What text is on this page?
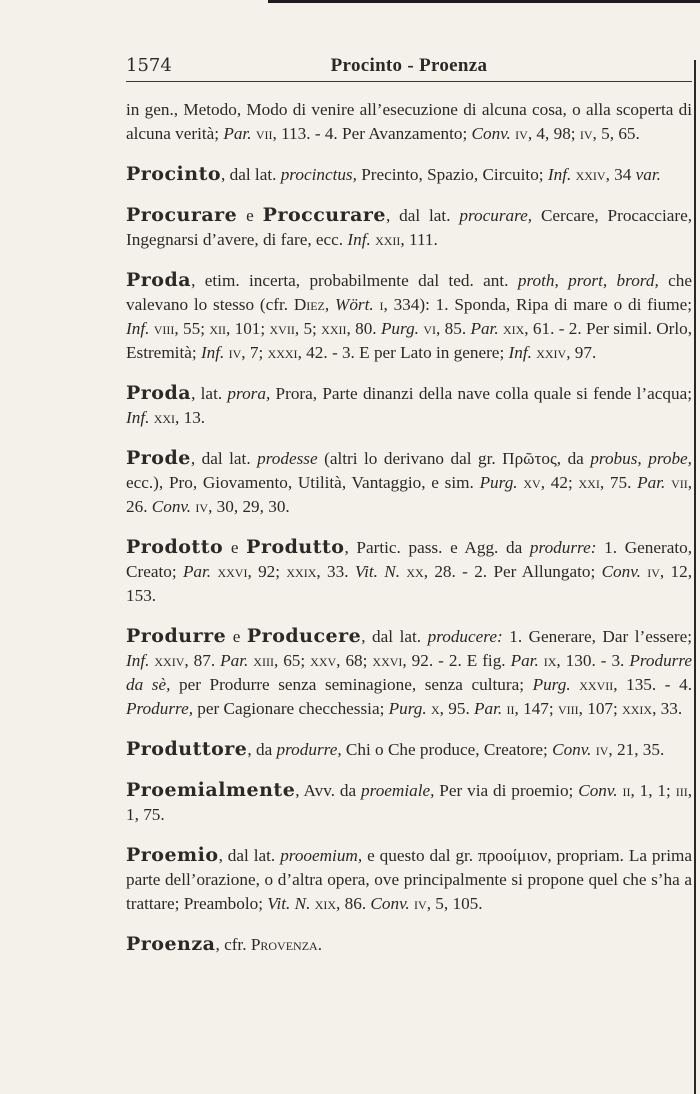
1574	Procinto - Proenza

in gen., Metodo, Modo di venire all’esecuzione di alcuna cosa, o alla scoperta di alcuna verità; Par. vii, 113. - 4. Per Avanzamento; Conv. iv, 4, 98; iv, 5, 65.

Procinto, dal lat. procinctus, Precinto, Spazio, Circuito; Inf. xxiv, 34 var.

Procurare e Proccurare, dal lat. procurare, Cercare, Procacciare, Ingegnarsi d’avere, di fare, ecc. Inf. xxii, 111.

Proda, etim. incerta, probabilmente dal ted. ant. proth, prort, brord, che valevano lo stesso (cfr. Diez, Wört. i, 334): 1. Sponda, Ripa di mare o di fiume; Inf. viii, 55; xii, 101; xvii, 5; xxii, 80. Purg. vi, 85. Par. xix, 61. - 2. Per simil. Orlo, Estremità; Inf. iv, 7; xxxi, 42. - 3. E per Lato in genere; Inf. xxiv, 97.

Proda, lat. prora, Prora, Parte dinanzi della nave colla quale si fende l’acqua; Inf. xxi, 13.

Prode, dal lat. prodesse (altri lo derivano dal gr. Πρῶτος, da probus, probe, ecc.), Pro, Giovamento, Utilità, Vantaggio, e sim. Purg. xv, 42; xxi, 75. Par. vii, 26. Conv. iv, 30, 29, 30.

Prodotto e Produtto, Partic. pass. e Agg. da produrre: 1. Generato, Creato; Par. xxvi, 92; xxix, 33. Vit. N. xx, 28. - 2. Per Allungato; Conv. iv, 12, 153.

Produrre e Producere, dal lat. producere: 1. Generare, Dar l’essere; Inf. xxiv, 87. Par. xiii, 65; xxv, 68; xxvi, 92. - 2. E fig. Par. ix, 130. - 3. Produrre da sè, per Produrre senza seminagione, senza cultura; Purg. xxvii, 135. - 4. Produrre, per Cagionare checchessia; Purg. x, 95. Par. ii, 147; viii, 107; xxix, 33.

Produttore, da produrre, Chi o Che produce, Creatore; Conv. iv, 21, 35.

Proemialmente, Avv. da proemiale, Per via di proemio; Conv. ii, 1, 1; iii, 1, 75.

Proemio, dal lat. prooemium, e questo dal gr. προοίμιον, propriam. La prima parte dell’orazione, o d’altra opera, ove principalmente si propone quel che s’ha a trattare; Preambolo; Vit. N. xix, 86. Conv. iv, 5, 105.

Proenza, cfr. Provenza.
